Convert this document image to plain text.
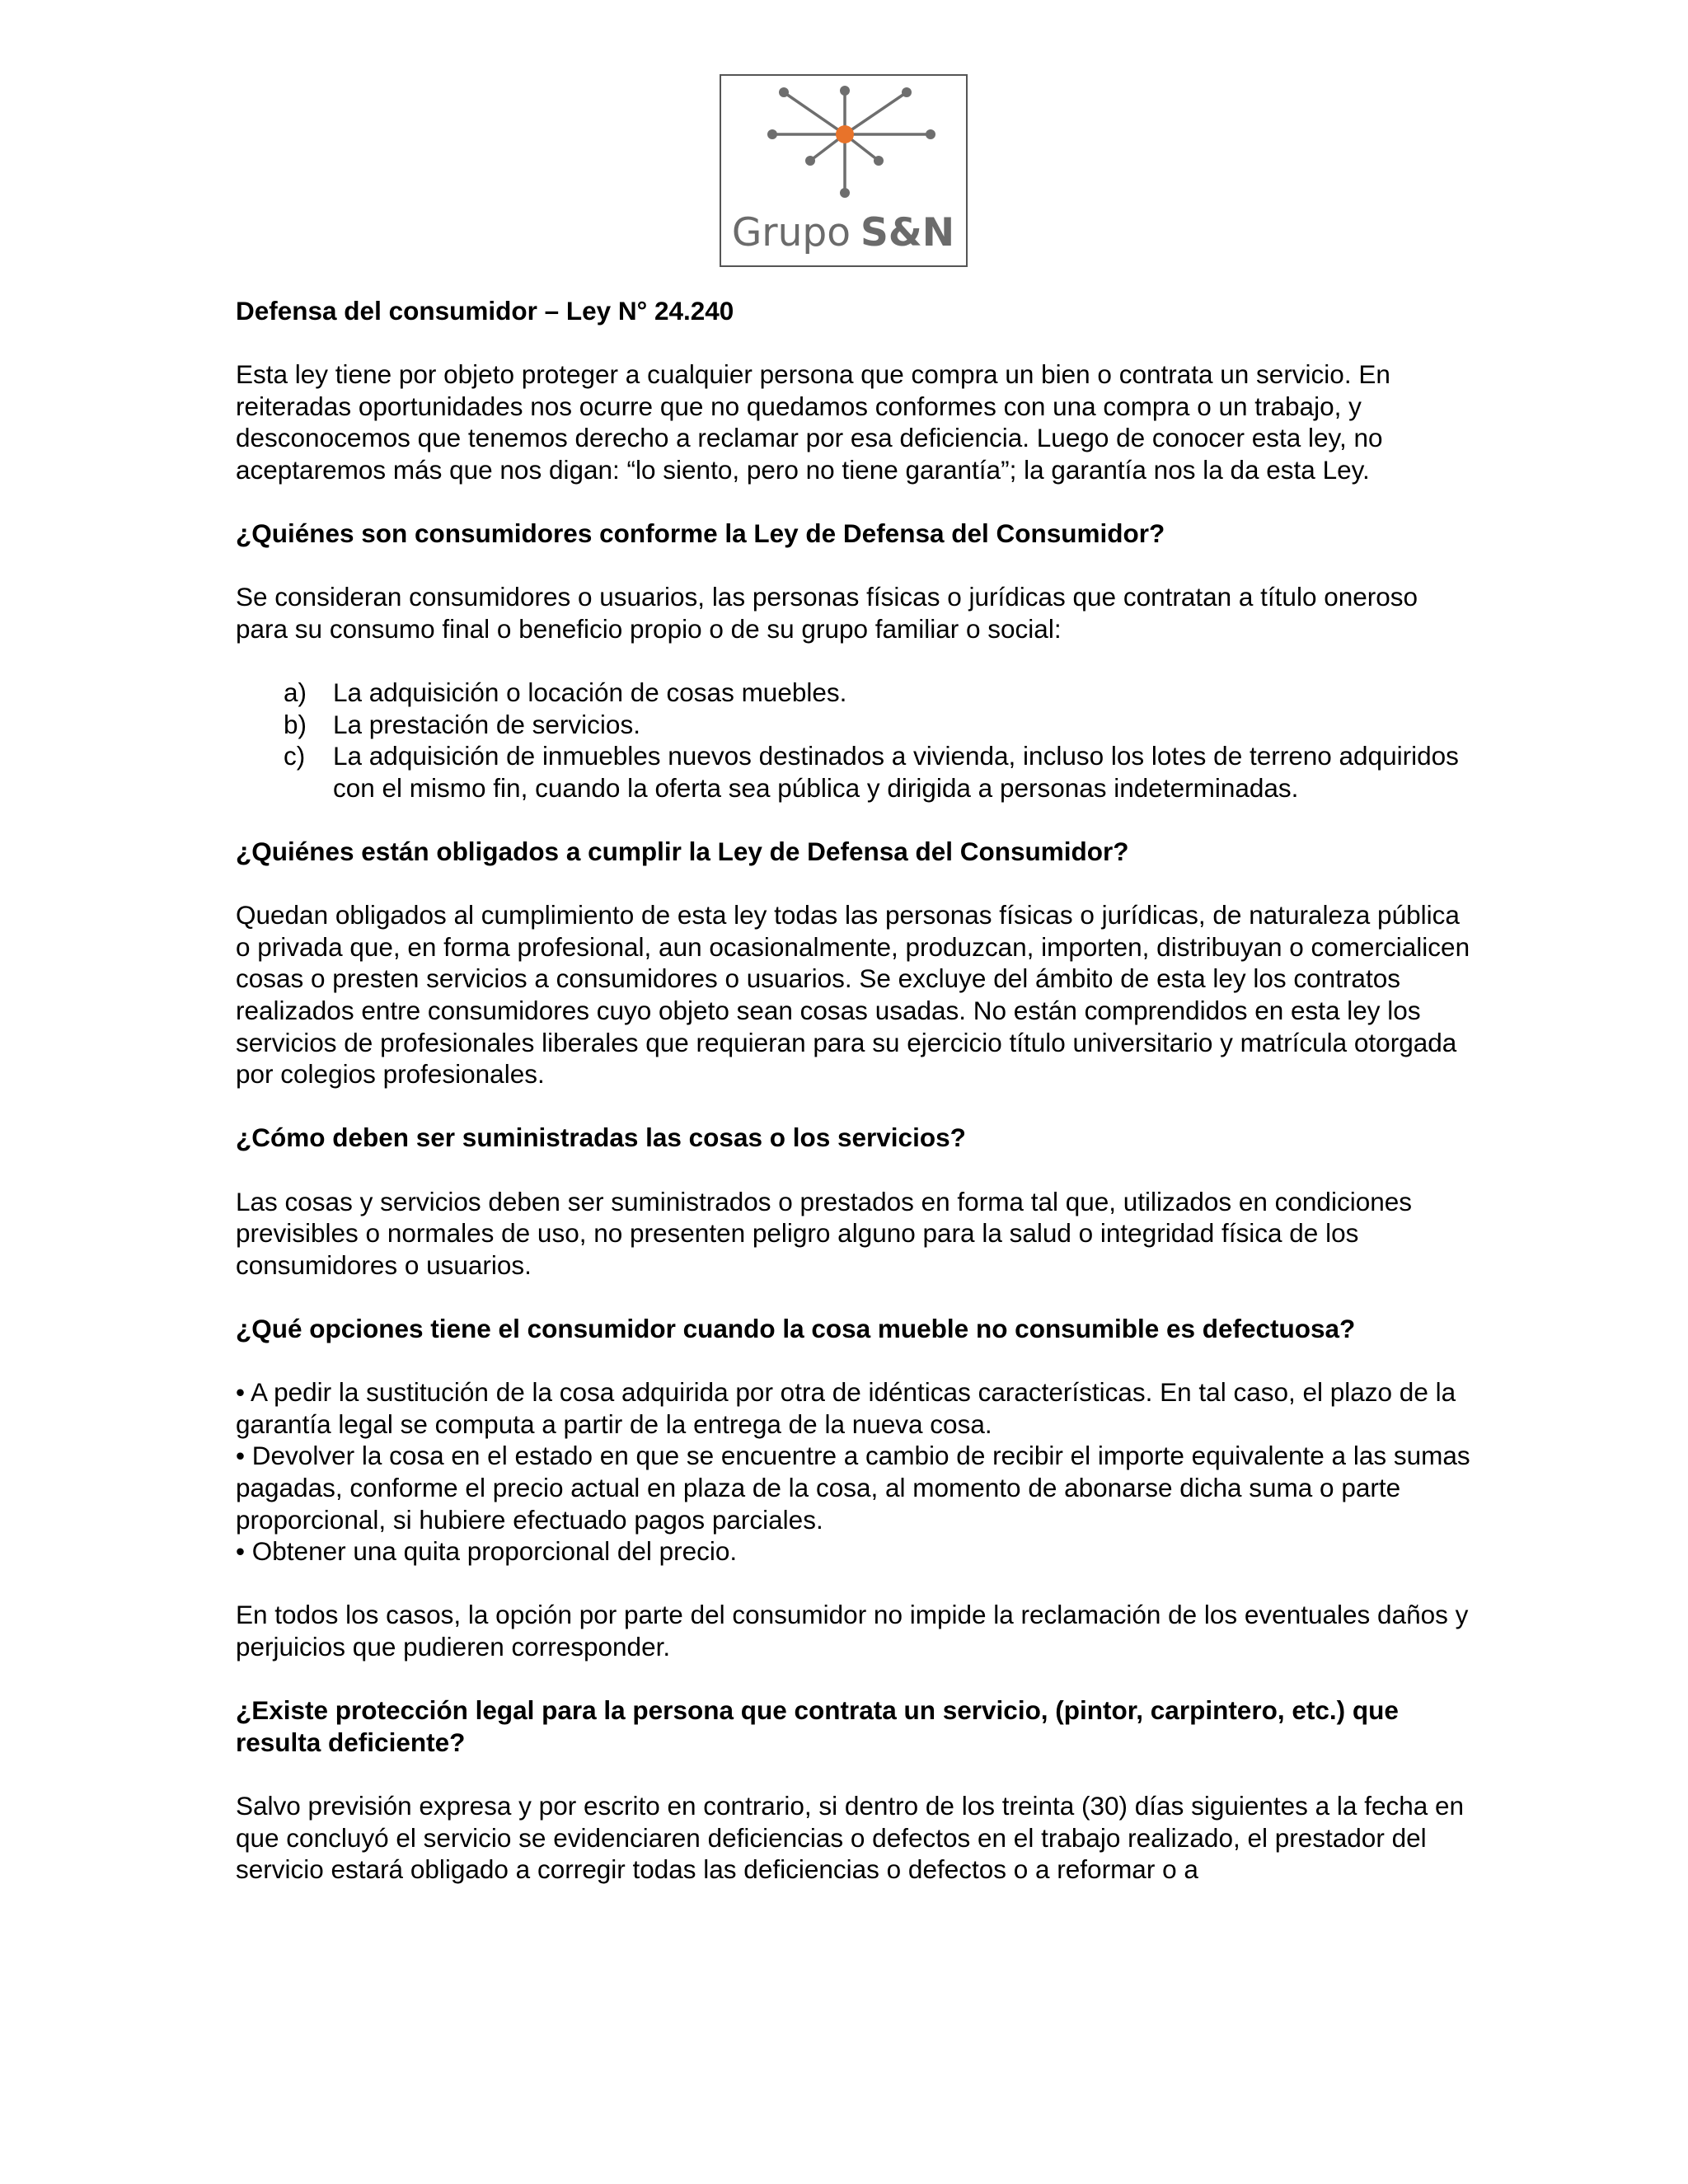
Grupo S&N

Defensa del consumidor – Ley N° 24.240

Esta ley tiene por objeto proteger a cualquier persona que compra un bien o contrata un servicio. En reiteradas oportunidades nos ocurre que no quedamos conformes con una compra o un trabajo, y desconocemos que tenemos derecho a reclamar por esa deficiencia. Luego de conocer esta ley, no aceptaremos más que nos digan: “lo siento, pero no tiene garantía”; la garantía nos la da esta Ley.

¿Quiénes son consumidores conforme la Ley de Defensa del Consumidor?

Se consideran consumidores o usuarios, las personas físicas o jurídicas que contratan a título oneroso para su consumo final o beneficio propio o de su grupo familiar o social:

a)	La adquisición o locación de cosas muebles.
b)	La prestación de servicios.
c)	La adquisición de inmuebles nuevos destinados a vivienda, incluso los lotes de terreno adquiridos con el mismo fin, cuando la oferta sea pública y dirigida a personas indeterminadas.

¿Quiénes están obligados a cumplir la Ley de Defensa del Consumidor?

Quedan obligados al cumplimiento de esta ley todas las personas físicas o jurídicas, de naturaleza pública o privada que, en forma profesional, aun ocasionalmente, produzcan, importen, distribuyan o comercialicen cosas o presten servicios a consumidores o usuarios. Se excluye del ámbito de esta ley los contratos realizados entre consumidores cuyo objeto sean cosas usadas. No están comprendidos en esta ley los servicios de profesionales liberales que requieran para su ejercicio título universitario y matrícula otorgada por colegios profesionales.

¿Cómo deben ser suministradas las cosas o los servicios?

Las cosas y servicios deben ser suministrados o prestados en forma tal que, utilizados en condiciones previsibles o normales de uso, no presenten peligro alguno para la salud o integridad física de los consumidores o usuarios.

¿Qué opciones tiene el consumidor cuando la cosa mueble no consumible es defectuosa?

• A pedir la sustitución de la cosa adquirida por otra de idénticas características. En tal caso, el plazo de la garantía legal se computa a partir de la entrega de la nueva cosa.
• Devolver la cosa en el estado en que se encuentre a cambio de recibir el importe equivalente a las sumas pagadas, conforme el precio actual en plaza de la cosa, al momento de abonarse dicha suma o parte proporcional, si hubiere efectuado pagos parciales.
• Obtener una quita proporcional del precio.

En todos los casos, la opción por parte del consumidor no impide la reclamación de los eventuales daños y perjuicios que pudieren corresponder.

¿Existe protección legal para la persona que contrata un servicio, (pintor, carpintero, etc.) que resulta deficiente?

Salvo previsión expresa y por escrito en contrario, si dentro de los treinta (30) días siguientes a la fecha en que concluyó el servicio se evidenciaren deficiencias o defectos en el trabajo realizado, el prestador del servicio estará obligado a corregir todas las deficiencias o defectos o a reformar o a
